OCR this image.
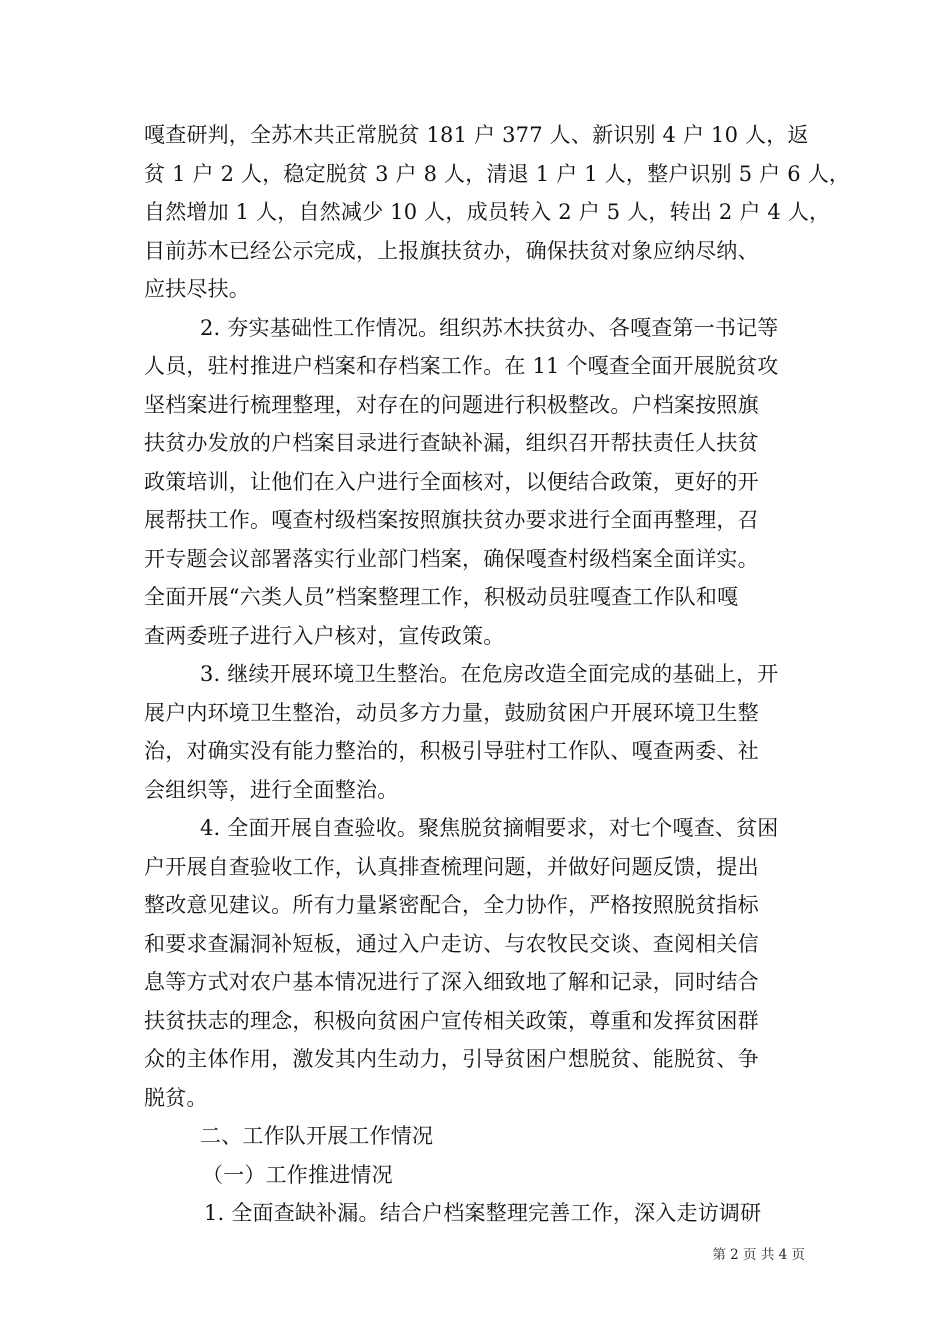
嘎查研判，全苏木共正常脱贫 181 户 377 人、新识别 4 户 10 人，返
贫 1 户 2 人，稳定脱贫 3 户 8 人，清退 1 户 1 人，整户识别 5 户 6 人，
自然增加 1 人，自然减少 10 人，成员转入 2 户 5 人，转出 2 户 4 人，
目前苏木已经公示完成，上报旗扶贫办，确保扶贫对象应纳尽纳、
应扶尽扶。
2. 夯实基础性工作情况。组织苏木扶贫办、各嘎查第一书记等
人员，驻村推进户档案和存档案工作。在 11 个嘎查全面开展脱贫攻
坚档案进行梳理整理，对存在的问题进行积极整改。户档案按照旗
扶贫办发放的户档案目录进行查缺补漏，组织召开帮扶责任人扶贫
政策培训，让他们在入户进行全面核对，以便结合政策，更好的开
展帮扶工作。嘎查村级档案按照旗扶贫办要求进行全面再整理，召
开专题会议部署落实行业部门档案，确保嘎查村级档案全面详实。
全面开展“六类人员”档案整理工作，积极动员驻嘎查工作队和嘎
查两委班子进行入户核对，宣传政策。
3. 继续开展环境卫生整治。在危房改造全面完成的基础上，开
展户内环境卫生整治，动员多方力量，鼓励贫困户开展环境卫生整
治，对确实没有能力整治的，积极引导驻村工作队、嘎查两委、社
会组织等，进行全面整治。
4. 全面开展自查验收。聚焦脱贫摘帽要求，对七个嘎查、贫困
户开展自查验收工作，认真排查梳理问题，并做好问题反馈，提出
整改意见建议。所有力量紧密配合，全力协作，严格按照脱贫指标
和要求查漏洞补短板，通过入户走访、与农牧民交谈、查阅相关信
息等方式对农户基本情况进行了深入细致地了解和记录，同时结合
扶贫扶志的理念，积极向贫困户宣传相关政策，尊重和发挥贫困群
众的主体作用，激发其内生动力，引导贫困户想脱贫、能脱贫、争
脱贫。
二、工作队开展工作情况
（一）工作推进情况
1. 全面查缺补漏。结合户档案整理完善工作，深入走访调研
第 2 页 共 4 页
